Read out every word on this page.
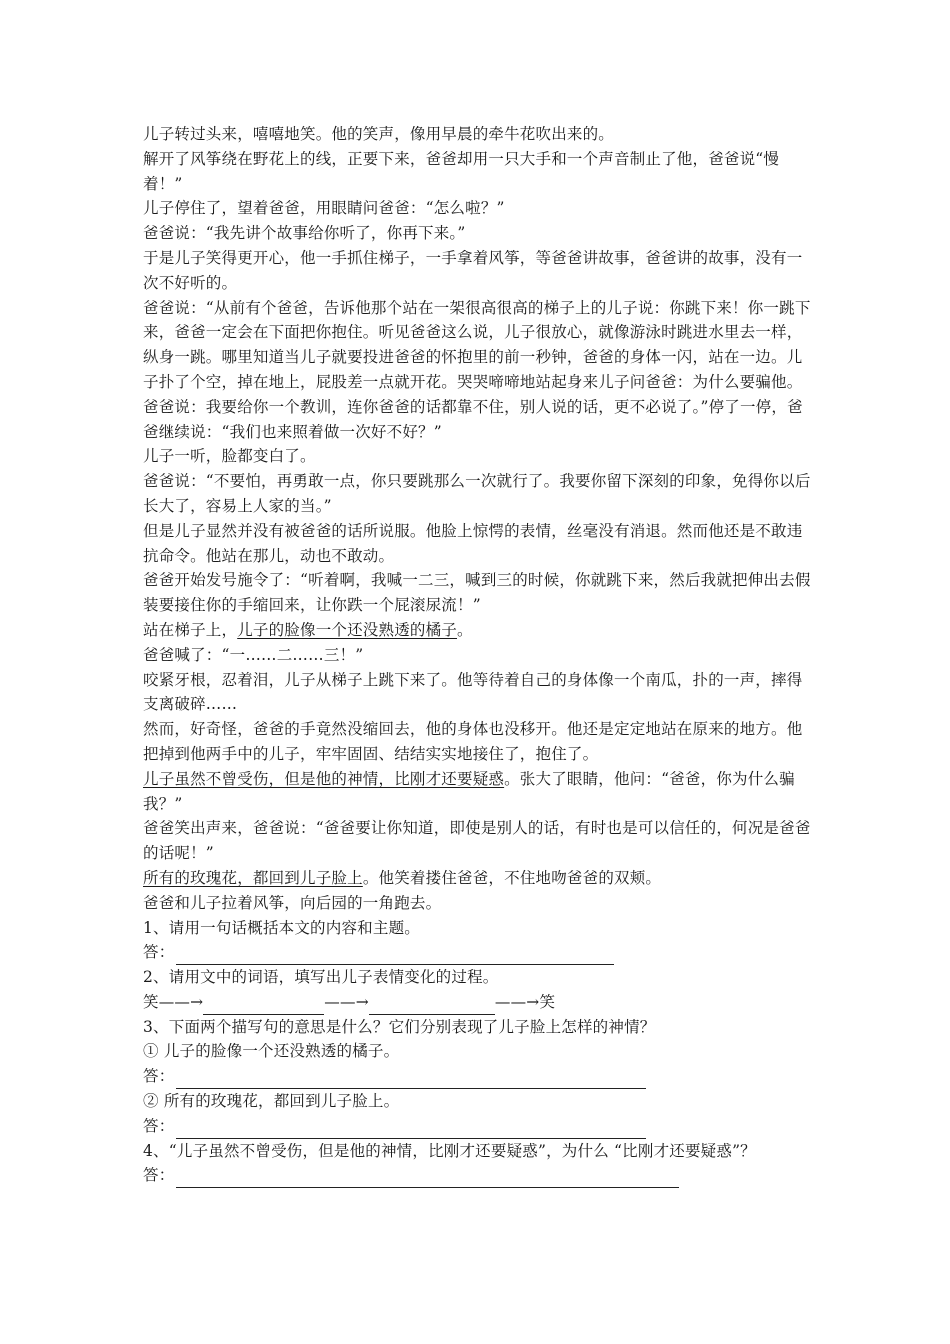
儿子转过头来，嘻嘻地笑。他的笑声，像用早晨的牵牛花吹出来的。

解开了风筝绕在野花上的线，正要下来，爸爸却用一只大手和一个声音制止了他，爸爸说“慢着！”

儿子停住了，望着爸爸，用眼睛问爸爸：“怎么啦？”

爸爸说：“我先讲个故事给你听了，你再下来。”

于是儿子笑得更开心，他一手抓住梯子，一手拿着风筝，等爸爸讲故事，爸爸讲的故事，没有一次不好听的。

爸爸说：“从前有个爸爸，告诉他那个站在一架很高很高的梯子上的儿子说：你跳下来！你一跳下来，爸爸一定会在下面把你抱住。听见爸爸这么说，儿子很放心，就像游泳时跳进水里去一样，纵身一跳。哪里知道当儿子就要投进爸爸的怀抱里的前一秒钟，爸爸的身体一闪，站在一边。儿子扑了个空，掉在地上，屁股差一点就开花。哭哭啼啼地站起身来儿子问爸爸：为什么要骗他。爸爸说：我要给你一个教训，连你爸爸的话都靠不住，别人说的话，更不必说了。”停了一停，爸爸继续说：“我们也来照着做一次好不好？”

儿子一听，脸都变白了。

爸爸说：“不要怕，再勇敢一点，你只要跳那么一次就行了。我要你留下深刻的印象，免得你以后长大了，容易上人家的当。”

但是儿子显然并没有被爸爸的话所说服。他脸上惊愕的表情，丝毫没有消退。然而他还是不敢违抗命令。他站在那儿，动也不敢动。

爸爸开始发号施令了：“听着啊，我喊一二三，喊到三的时候，你就跳下来，然后我就把伸出去假装要接住你的手缩回来，让你跌一个屁滚尿流！”

站在梯子上，儿子的脸像一个还没熟透的橘子。

爸爸喊了：“一……二……三！”

咬紧牙根，忍着泪，儿子从梯子上跳下来了。他等待着自己的身体像一个南瓜，扑的一声，摔得支离破碎……

然而，好奇怪，爸爸的手竟然没缩回去，他的身体也没移开。他还是定定地站在原来的地方。他把掉到他两手中的儿子，牢牢固固、结结实实地接住了，抱住了。

儿子虽然不曾受伤，但是他的神情，比刚才还要疑惑。张大了眼睛，他问：“爸爸，你为什么骗我？”

爸爸笑出声来，爸爸说：“爸爸要让你知道，即使是别人的话，有时也是可以信任的，何况是爸爸的话呢！”

所有的玫瑰花，都回到儿子脸上。他笑着搂住爸爸，不住地吻爸爸的双颊。

爸爸和儿子拉着风筝，向后园的一角跑去。

1、请用一句话概括本文的内容和主题。

答：

2、请用文中的词语，填写出儿子表情变化的过程。

笑——→	——→	——→ 笑

3、下面两个描写句的意思是什么？它们分别表现了儿子脸上怎样的神情？

① 儿子的脸像一个还没熟透的橘子。

答：

② 所有的玫瑰花，都回到儿子脸上。

答：

4、“儿子虽然不曾受伤，但是他的神情，比刚才还要疑惑”，为什么 “比刚才还要疑惑”？

答：
